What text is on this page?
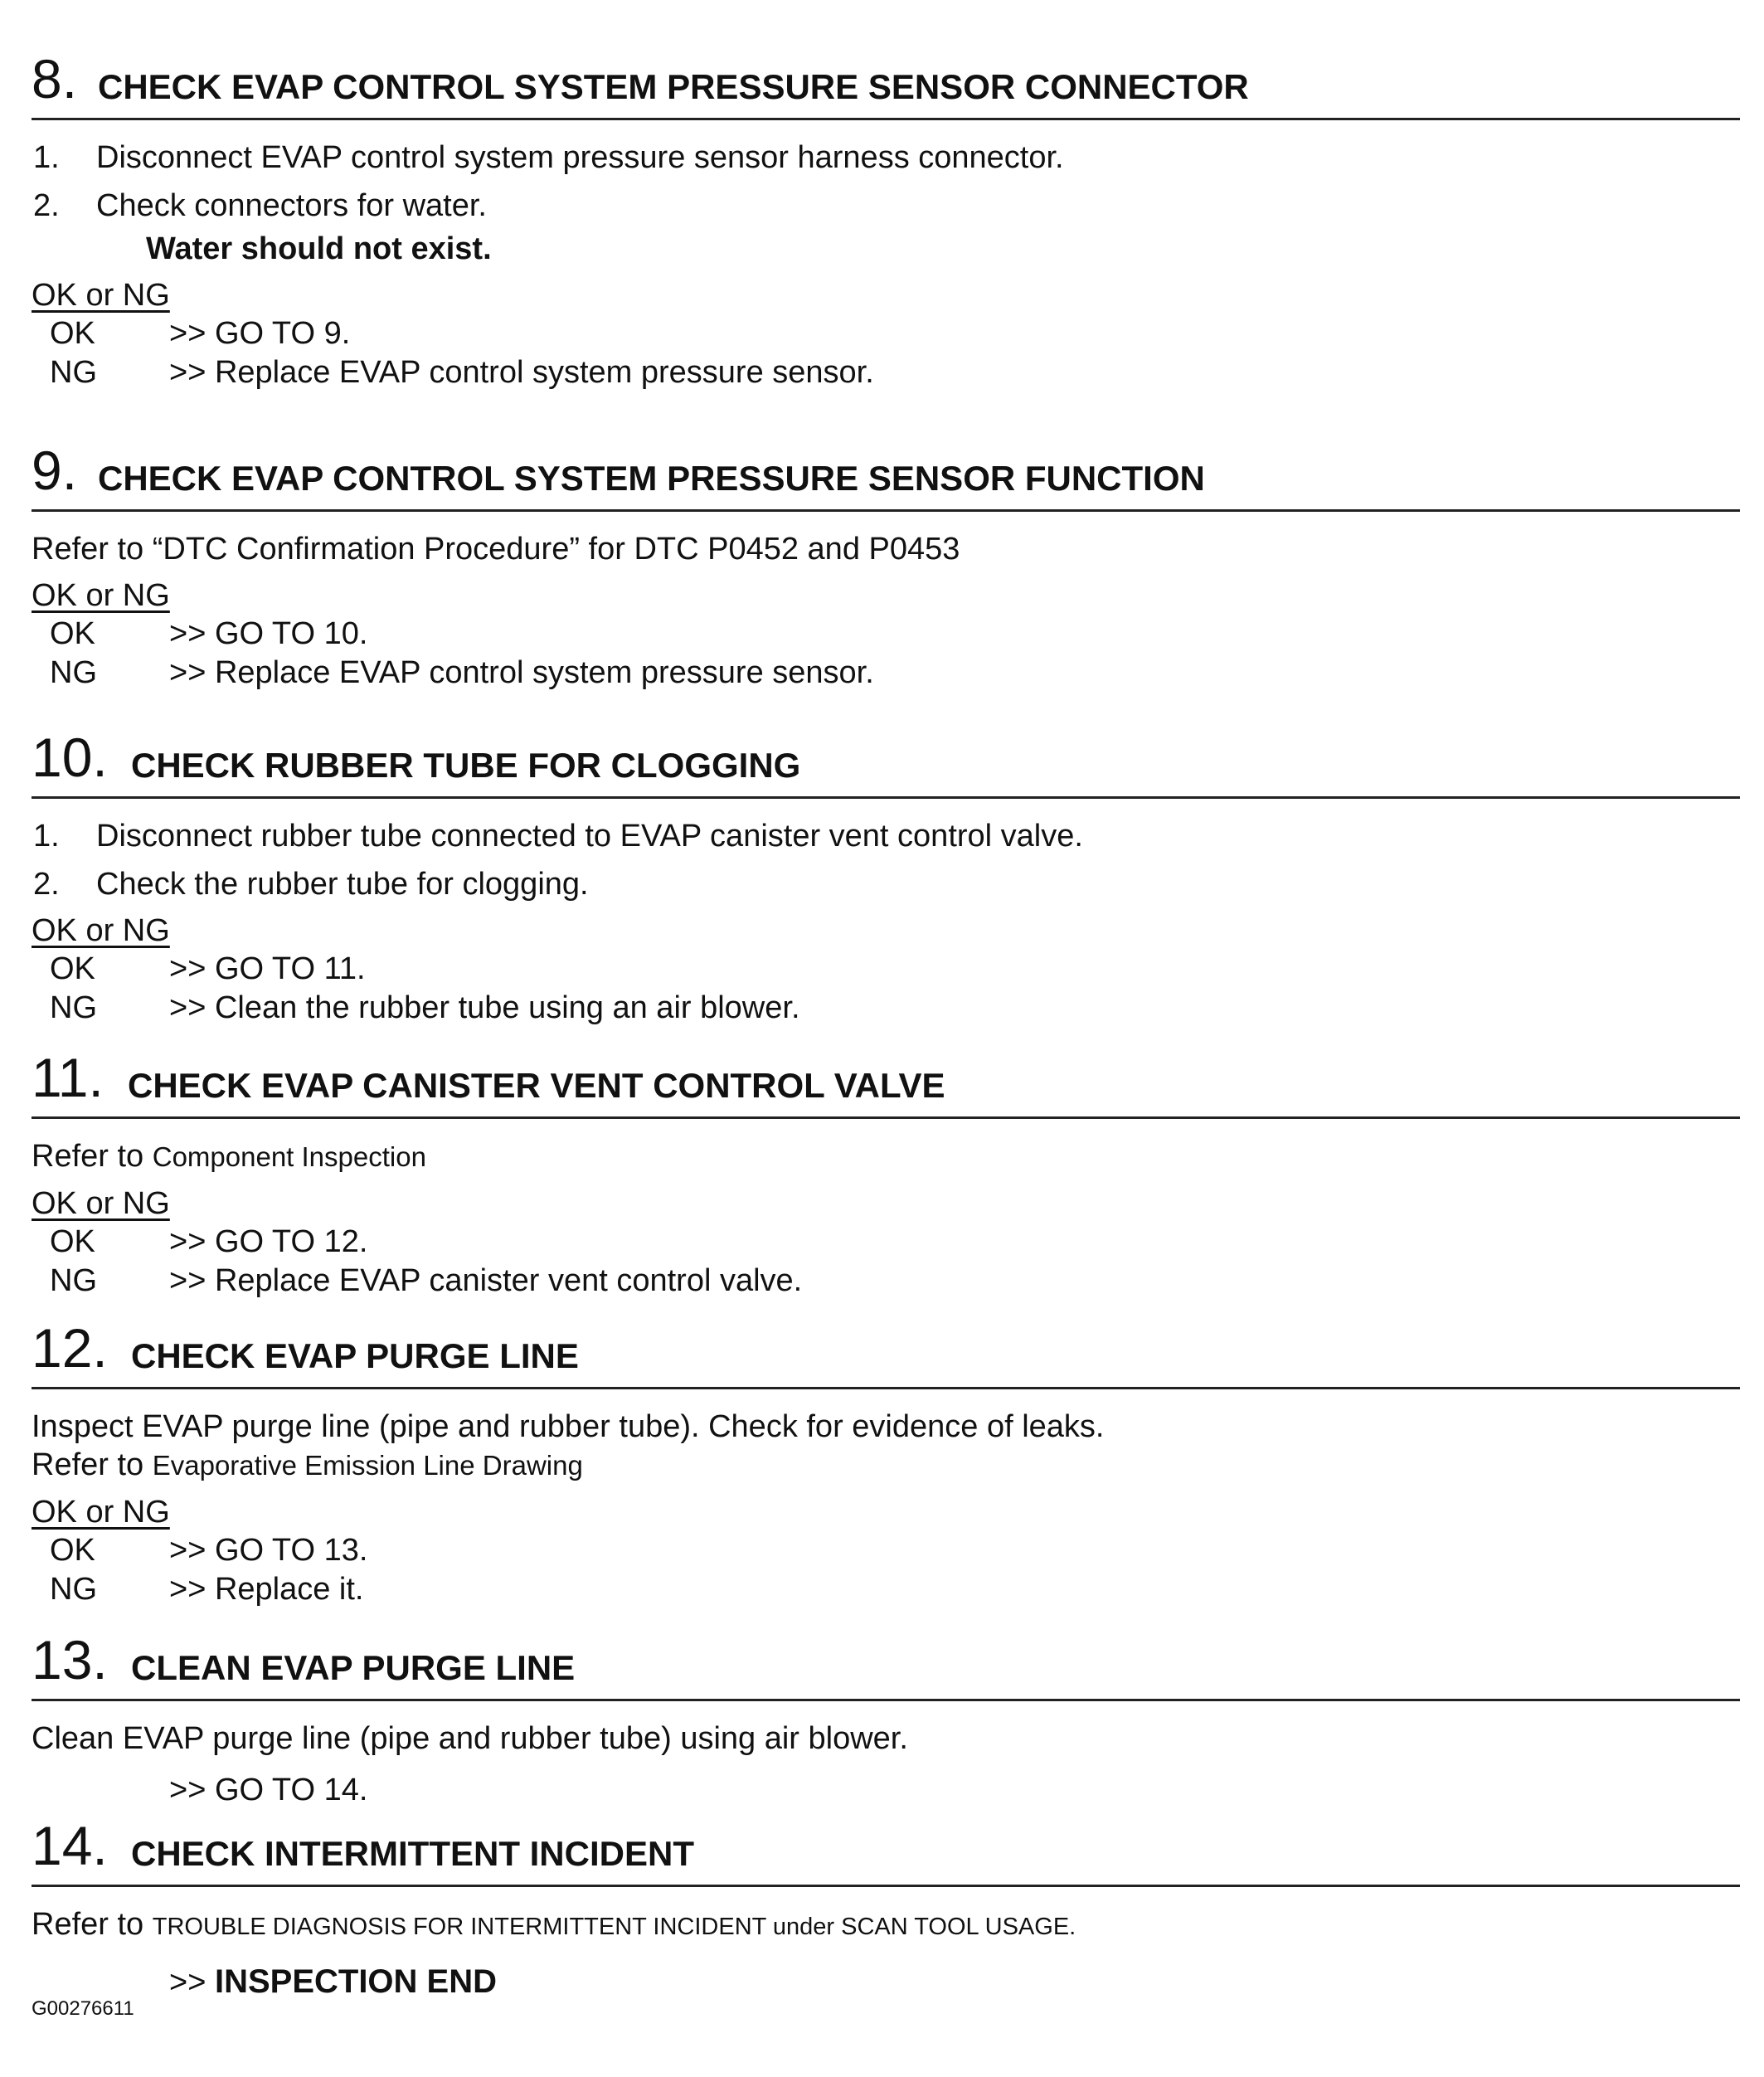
8. CHECK EVAP CONTROL SYSTEM PRESSURE SENSOR CONNECTOR
1. Disconnect EVAP control system pressure sensor harness connector.
2. Check connectors for water.
Water should not exist.
OK or NG
OK >> GO TO 9.
NG >> Replace EVAP control system pressure sensor.
9. CHECK EVAP CONTROL SYSTEM PRESSURE SENSOR FUNCTION
Refer to “DTC Confirmation Procedure” for DTC P0452 and P0453
OK or NG
OK >> GO TO 10.
NG >> Replace EVAP control system pressure sensor.
10. CHECK RUBBER TUBE FOR CLOGGING
1. Disconnect rubber tube connected to EVAP canister vent control valve.
2. Check the rubber tube for clogging.
OK or NG
OK >> GO TO 11.
NG >> Clean the rubber tube using an air blower.
11. CHECK EVAP CANISTER VENT CONTROL VALVE
Refer to Component Inspection
OK or NG
OK >> GO TO 12.
NG >> Replace EVAP canister vent control valve.
12. CHECK EVAP PURGE LINE
Inspect EVAP purge line (pipe and rubber tube). Check for evidence of leaks.
Refer to Evaporative Emission Line Drawing
OK or NG
OK >> GO TO 13.
NG >> Replace it.
13. CLEAN EVAP PURGE LINE
Clean EVAP purge line (pipe and rubber tube) using air blower.
>> GO TO 14.
14. CHECK INTERMITTENT INCIDENT
Refer to TROUBLE DIAGNOSIS FOR INTERMITTENT INCIDENT under SCAN TOOL USAGE.
>> INSPECTION END
G00276611
